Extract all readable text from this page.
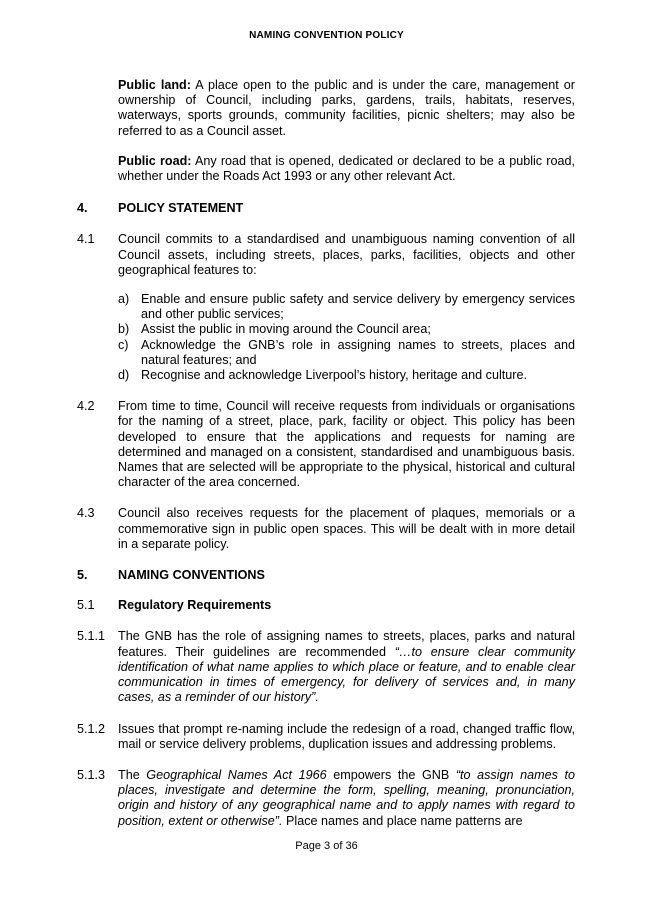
NAMING CONVENTION POLICY
Public land: A place open to the public and is under the care, management or ownership of Council, including parks, gardens, trails, habitats, reserves, waterways, sports grounds, community facilities, picnic shelters; may also be referred to as a Council asset.
Public road: Any road that is opened, dedicated or declared to be a public road, whether under the Roads Act 1993 or any other relevant Act.
4.	POLICY STATEMENT
4.1	Council commits to a standardised and unambiguous naming convention of all Council assets, including streets, places, parks, facilities, objects and other geographical features to:
a) Enable and ensure public safety and service delivery by emergency services and other public services;
b) Assist the public in moving around the Council area;
c) Acknowledge the GNB’s role in assigning names to streets, places and natural features; and
d) Recognise and acknowledge Liverpool’s history, heritage and culture.
4.2	From time to time, Council will receive requests from individuals or organisations for the naming of a street, place, park, facility or object. This policy has been developed to ensure that the applications and requests for naming are determined and managed on a consistent, standardised and unambiguous basis. Names that are selected will be appropriate to the physical, historical and cultural character of the area concerned.
4.3	Council also receives requests for the placement of plaques, memorials or a commemorative sign in public open spaces. This will be dealt with in more detail in a separate policy.
5.	NAMING CONVENTIONS
5.1	Regulatory Requirements
5.1.1	The GNB has the role of assigning names to streets, places, parks and natural features. Their guidelines are recommended “…to ensure clear community identification of what name applies to which place or feature, and to enable clear communication in times of emergency, for delivery of services and, in many cases, as a reminder of our history”.
5.1.2	Issues that prompt re-naming include the redesign of a road, changed traffic flow, mail or service delivery problems, duplication issues and addressing problems.
5.1.3	The Geographical Names Act 1966 empowers the GNB “to assign names to places, investigate and determine the form, spelling, meaning, pronunciation, origin and history of any geographical name and to apply names with regard to position, extent or otherwise”. Place names and place name patterns are
Page 3 of 36
